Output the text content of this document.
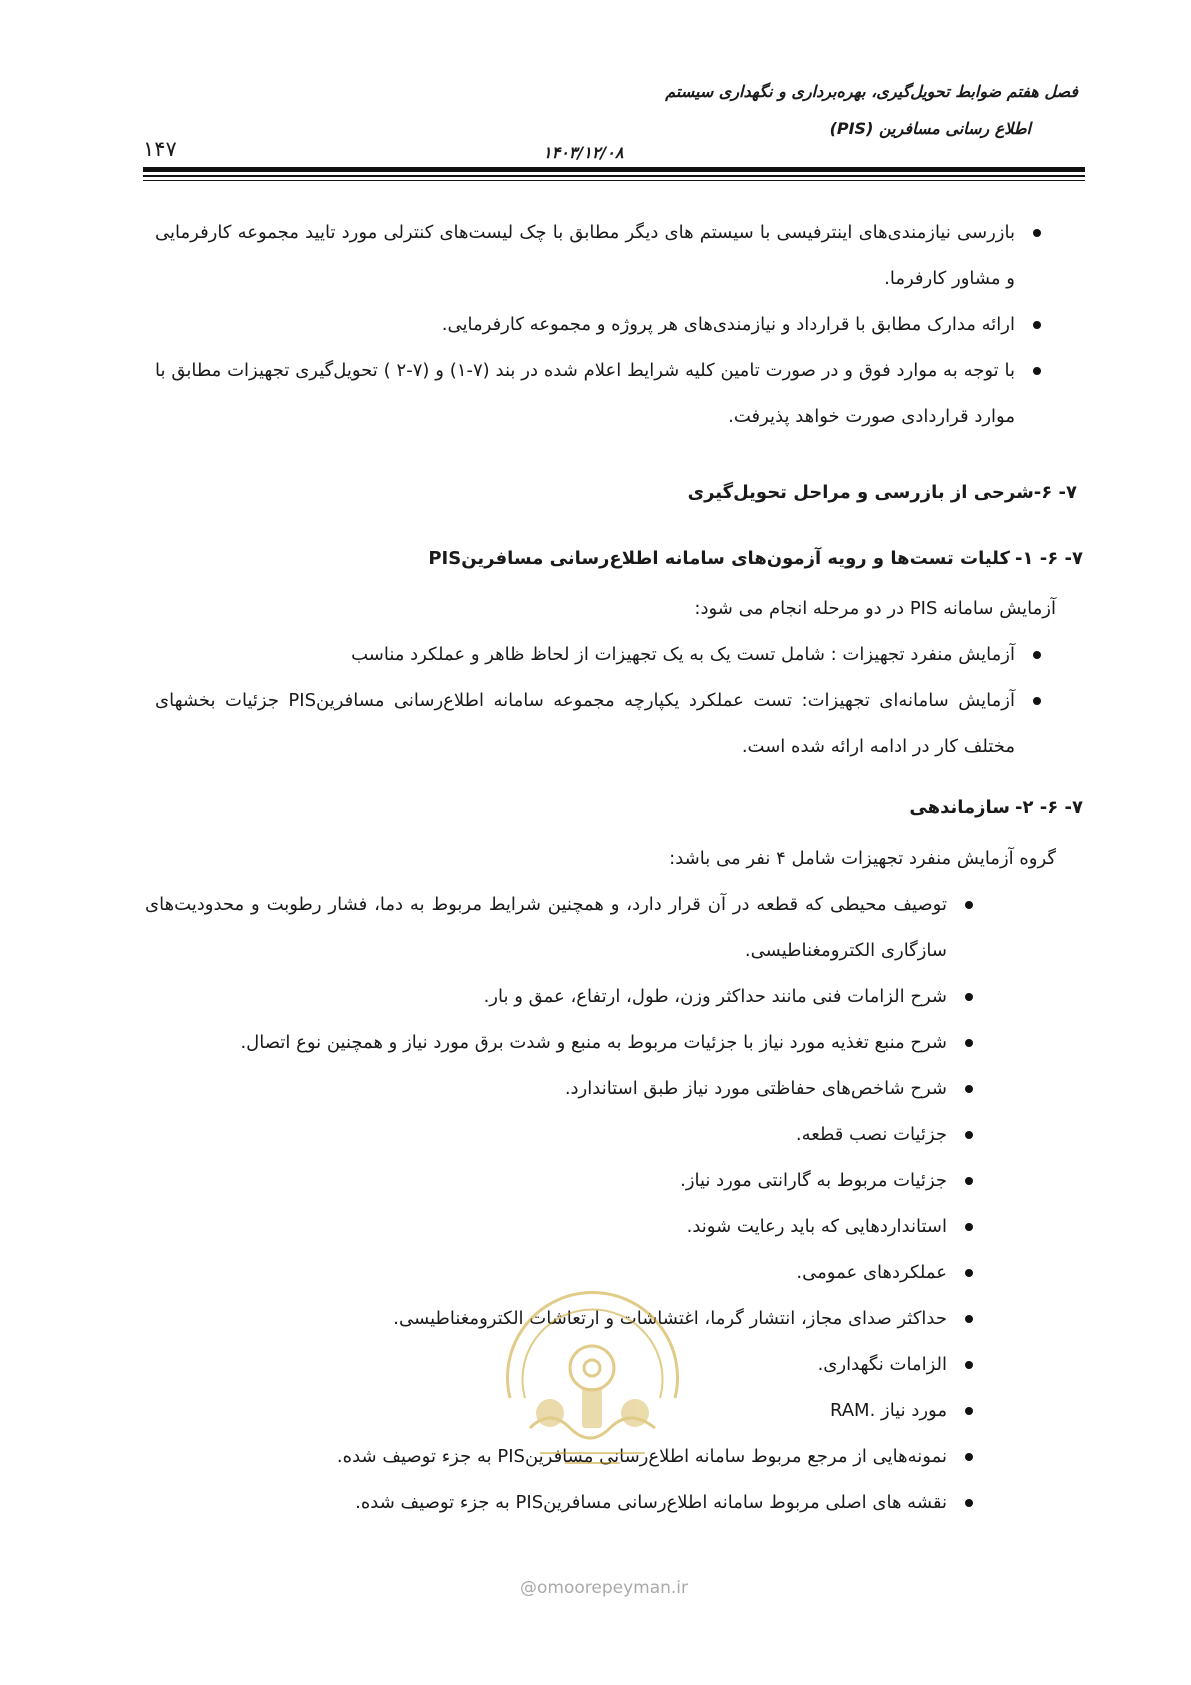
فصل هفتم ضوابط تحویل‌گیری، بهره‌برداری و نگهداری سیستم
اطلاع رسانی مسافرین (PIS)
۱۴۰۳/۱۲/۰۸
۱۴۷
بازرسی نیازمندی‌های اینترفیسی با سیستم های دیگر مطابق با چک لیست‌های کنترلی مورد تایید مجموعه کارفرمایی و مشاور کارفرما.
ارائه مدارک مطابق با قرارداد و نیازمندی‌های هر پروژه و مجموعه کارفرمایی.
با توجه به موارد فوق و در صورت تامین کلیه شرایط اعلام شده در بند (۷-۱) و (۷-۲ ) تحویل‌گیری تجهیزات مطابق با موارد قراردادی صورت خواهد پذیرفت.
۷- ۶-شرحی از بازرسی و مراحل تحویل‌گیری
۷- ۶- ۱-
کلیات تست‌ها و رویه آزمون‌های سامانه اطلاع‌رسانی مسافرینPIS
آزمایش سامانه PIS در دو مرحله انجام می شود:
آزمایش منفرد تجهیزات : شامل تست یک به یک تجهیزات از لحاظ ظاهر و عملکرد مناسب
آزمایش سامانه‌ای تجهیزات: تست عملکرد یکپارچه مجموعه سامانه اطلاع‌رسانی مسافرینPIS جزئیات بخشهای مختلف کار در ادامه ارائه شده است.
۷- ۶- ۲-
سازماندهی
گروه آزمایش منفرد تجهیزات شامل ۴ نفر می باشد:
توصیف محیطی که قطعه در آن قرار دارد، و همچنین شرایط مربوط به دما، فشار رطوبت و محدودیت‌های سازگاری الکترومغناطیسی.
شرح الزامات فنی مانند حداکثر وزن، طول، ارتفاع، عمق و بار.
شرح منبع تغذیه مورد نیاز با جزئیات مربوط به منبع و شدت برق مورد نیاز و همچنین نوع اتصال.
شرح شاخص‌های حفاظتی مورد نیاز طبق استاندارد.
جزئیات نصب قطعه.
جزئیات مربوط به گارانتی مورد نیاز.
استانداردهایی که باید رعایت شوند.
عملکردهای عمومی.
حداکثر صدای مجاز، انتشار گرما، اغتشاشات و ارتعاشات الکترومغناطیسی.
الزامات نگهداری.
مورد نیاز .RAM
نمونه‌هایی از مرجع مربوط سامانه اطلاع‌رسانی مسافرینPIS به جزء توصیف شده.
نقشه های اصلی مربوط سامانه اطلاع‌رسانی مسافرینPIS به جزء توصیف شده.
@omoorepeyman.ir
